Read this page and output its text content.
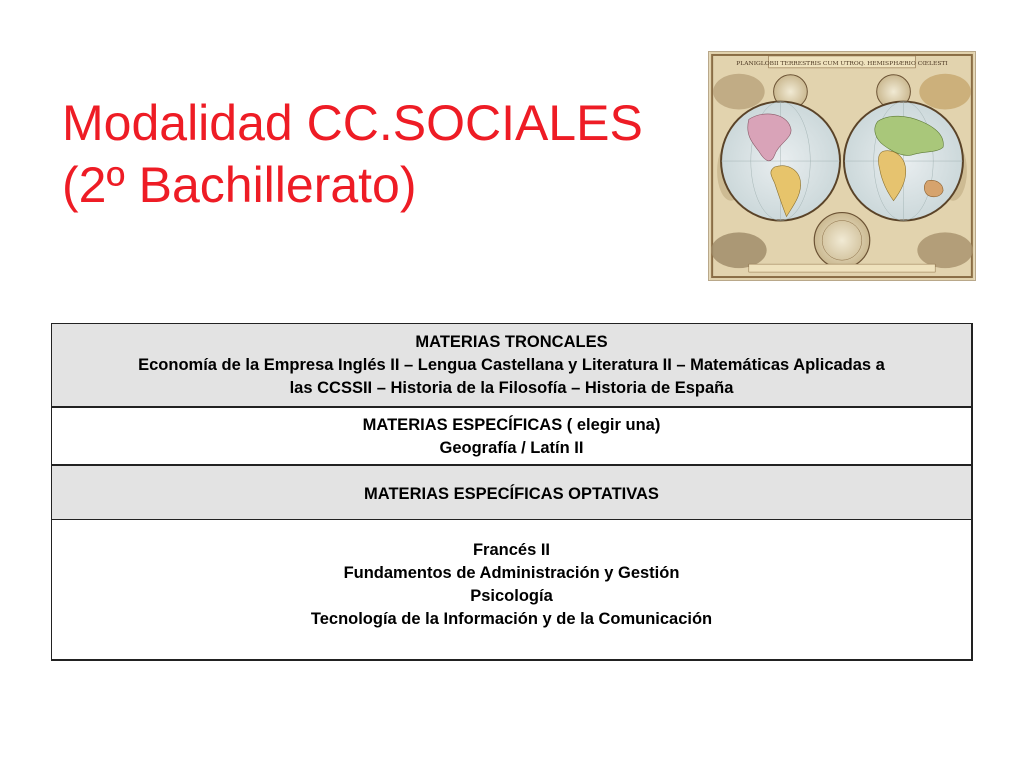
Modalidad CC.SOCIALES
(2º Bachillerato)
PLANIGLOBII TERRESTRIS CUM UTROQ. HEMISPHÆRIO CŒLESTI
MATERIAS TRONCALES
Economía de la Empresa Inglés II – Lengua Castellana y Literatura II – Matemáticas Aplicadas a
las CCSSII – Historia de la Filosofía – Historia de España
MATERIAS ESPECÍFICAS ( elegir una)
Geografía / Latín II
MATERIAS ESPECÍFICAS OPTATIVAS
Francés II
Fundamentos de Administración y Gestión
Psicología
Tecnología de la Información y de la Comunicación
